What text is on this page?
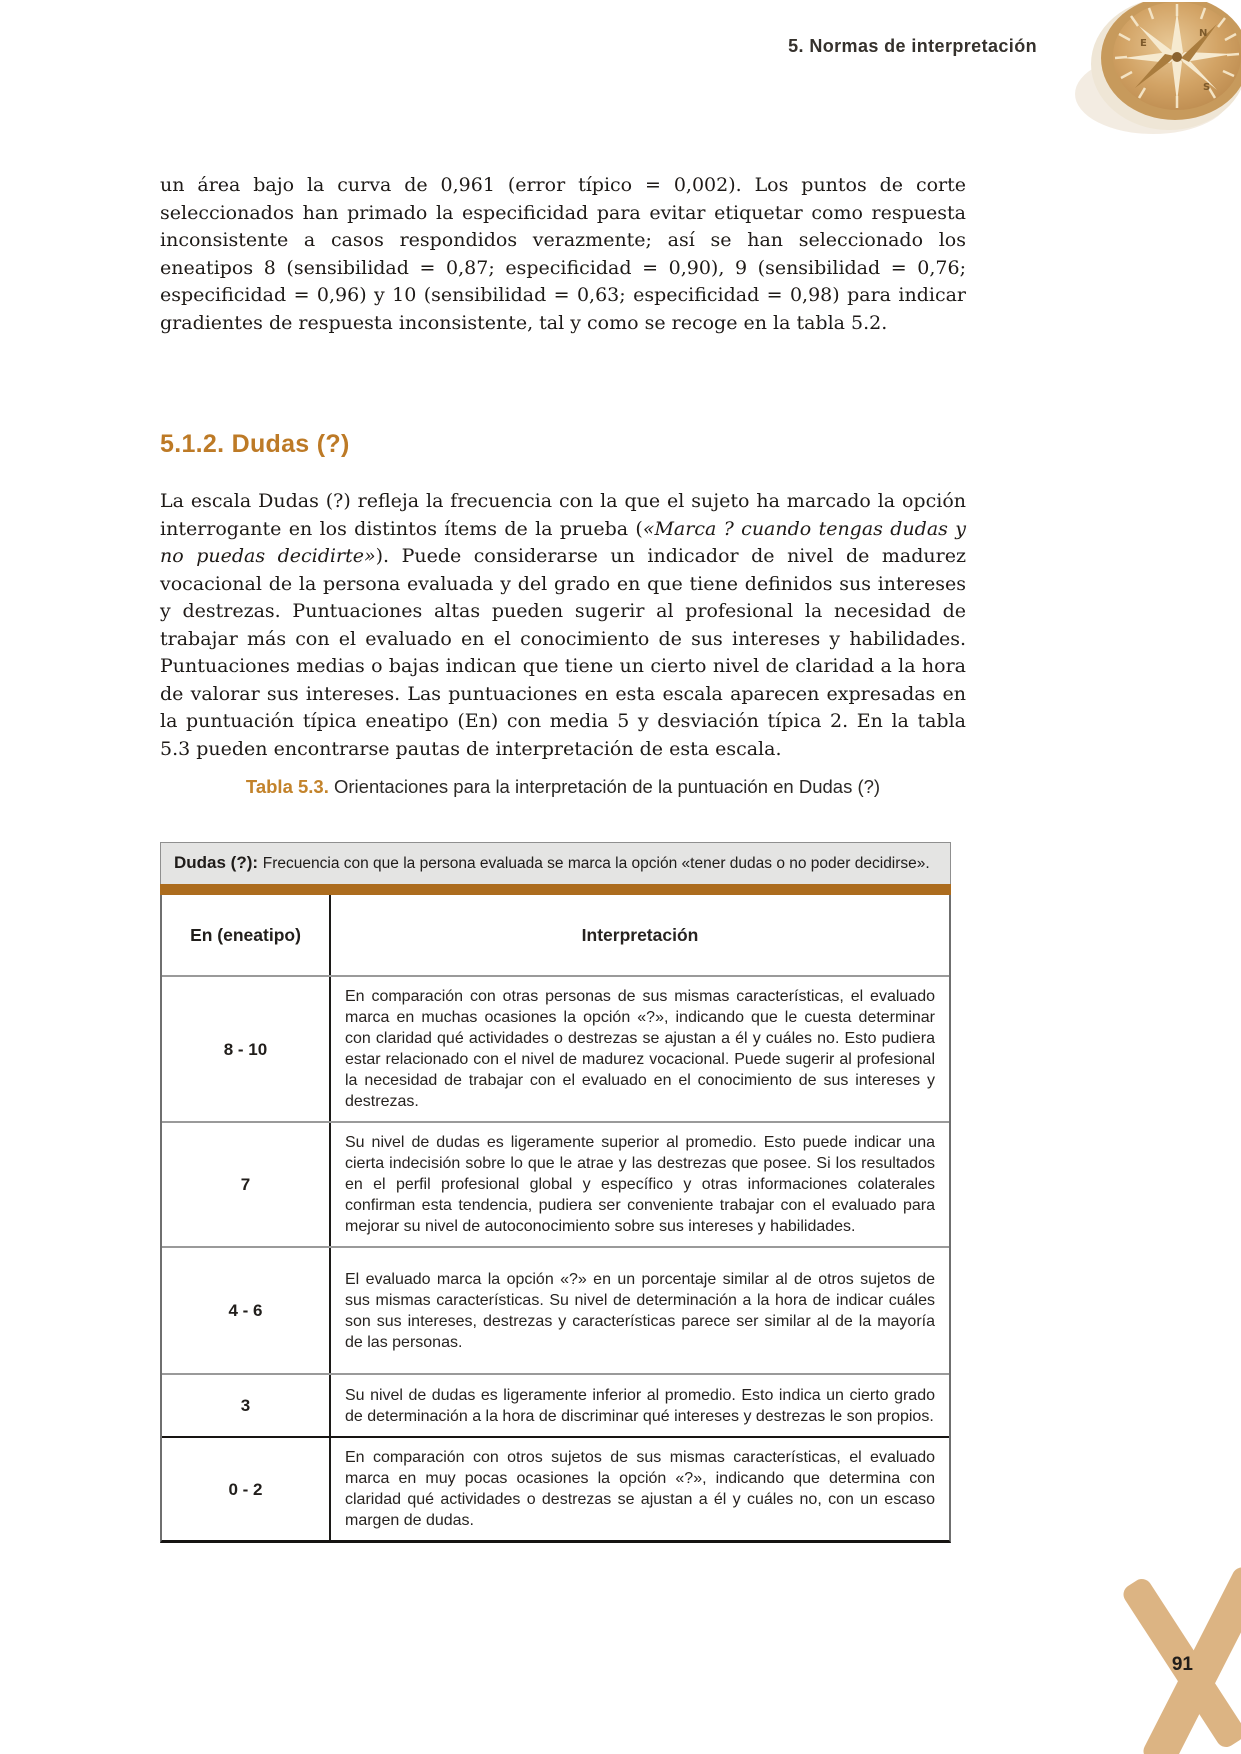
5. Normas de interpretación
N
E
S

un área bajo la curva de 0,961 (error típico = 0,002). Los puntos de corte seleccionados han primado la especificidad para evitar etiquetar como respuesta inconsistente a casos respondidos verazmente; así se han seleccionado los eneatipos 8 (sensibilidad = 0,87; especificidad = 0,90), 9 (sensibilidad = 0,76; especificidad = 0,96) y 10 (sensibilidad = 0,63; especificidad = 0,98) para indicar gradientes de respuesta inconsistente, tal y como se recoge en la tabla 5.2.

5.1.2. Dudas (?)

La escala Dudas (?) refleja la frecuencia con la que el sujeto ha marcado la opción interrogante en los distintos ítems de la prueba («Marca ? cuando tengas dudas y no puedas decidirte»). Puede considerarse un indicador de nivel de madurez vocacional de la persona evaluada y del grado en que tiene definidos sus intereses y destrezas. Puntuaciones altas pueden sugerir al profesional la necesidad de trabajar más con el evaluado en el conocimiento de sus intereses y habilidades. Puntuaciones medias o bajas indican que tiene un cierto nivel de claridad a la hora de valorar sus intereses. Las puntuaciones en esta escala aparecen expresadas en la puntuación típica eneatipo (En) con media 5 y desviación típica 2. En la tabla 5.3 pueden encontrarse pautas de interpretación de esta escala.

Tabla 5.3. Orientaciones para la interpretación de la puntuación en Dudas (?)
Dudas (?): Frecuencia con que la persona evaluada se marca la opción «tener dudas o no poder decidirse».
En (eneatipo)	Interpretación
8 - 10
En comparación con otras personas de sus mismas características, el evaluado marca en muchas ocasiones la opción «?», indicando que le cuesta determinar con claridad qué actividades o destrezas se ajustan a él y cuáles no. Esto pudiera estar relacionado con el nivel de madurez vocacional. Puede sugerir al profesional la necesidad de trabajar con el evaluado en el conocimiento de sus intereses y destrezas.
7
Su nivel de dudas es ligeramente superior al promedio. Esto puede indicar una cierta indecisión sobre lo que le atrae y las destrezas que posee. Si los resultados en el perfil profesional global y específico y otras informaciones colaterales confirman esta tendencia, pudiera ser conveniente trabajar con el evaluado para mejorar su nivel de autoconocimiento sobre sus intereses y habilidades.
4 - 6
El evaluado marca la opción «?» en un porcentaje similar al de otros sujetos de sus mismas características. Su nivel de determinación a la hora de indicar cuáles son sus intereses, destrezas y características parece ser similar al de la mayoría de las personas.
3
Su nivel de dudas es ligeramente inferior al promedio. Esto indica un cierto grado de determinación a la hora de discriminar qué intereses y destrezas le son propios.
0 - 2
En comparación con otros sujetos de sus mismas características, el evaluado marca en muy pocas ocasiones la opción «?», indicando que determina con claridad qué actividades o destrezas se ajustan a él y cuáles no, con un escaso margen de dudas.
91
